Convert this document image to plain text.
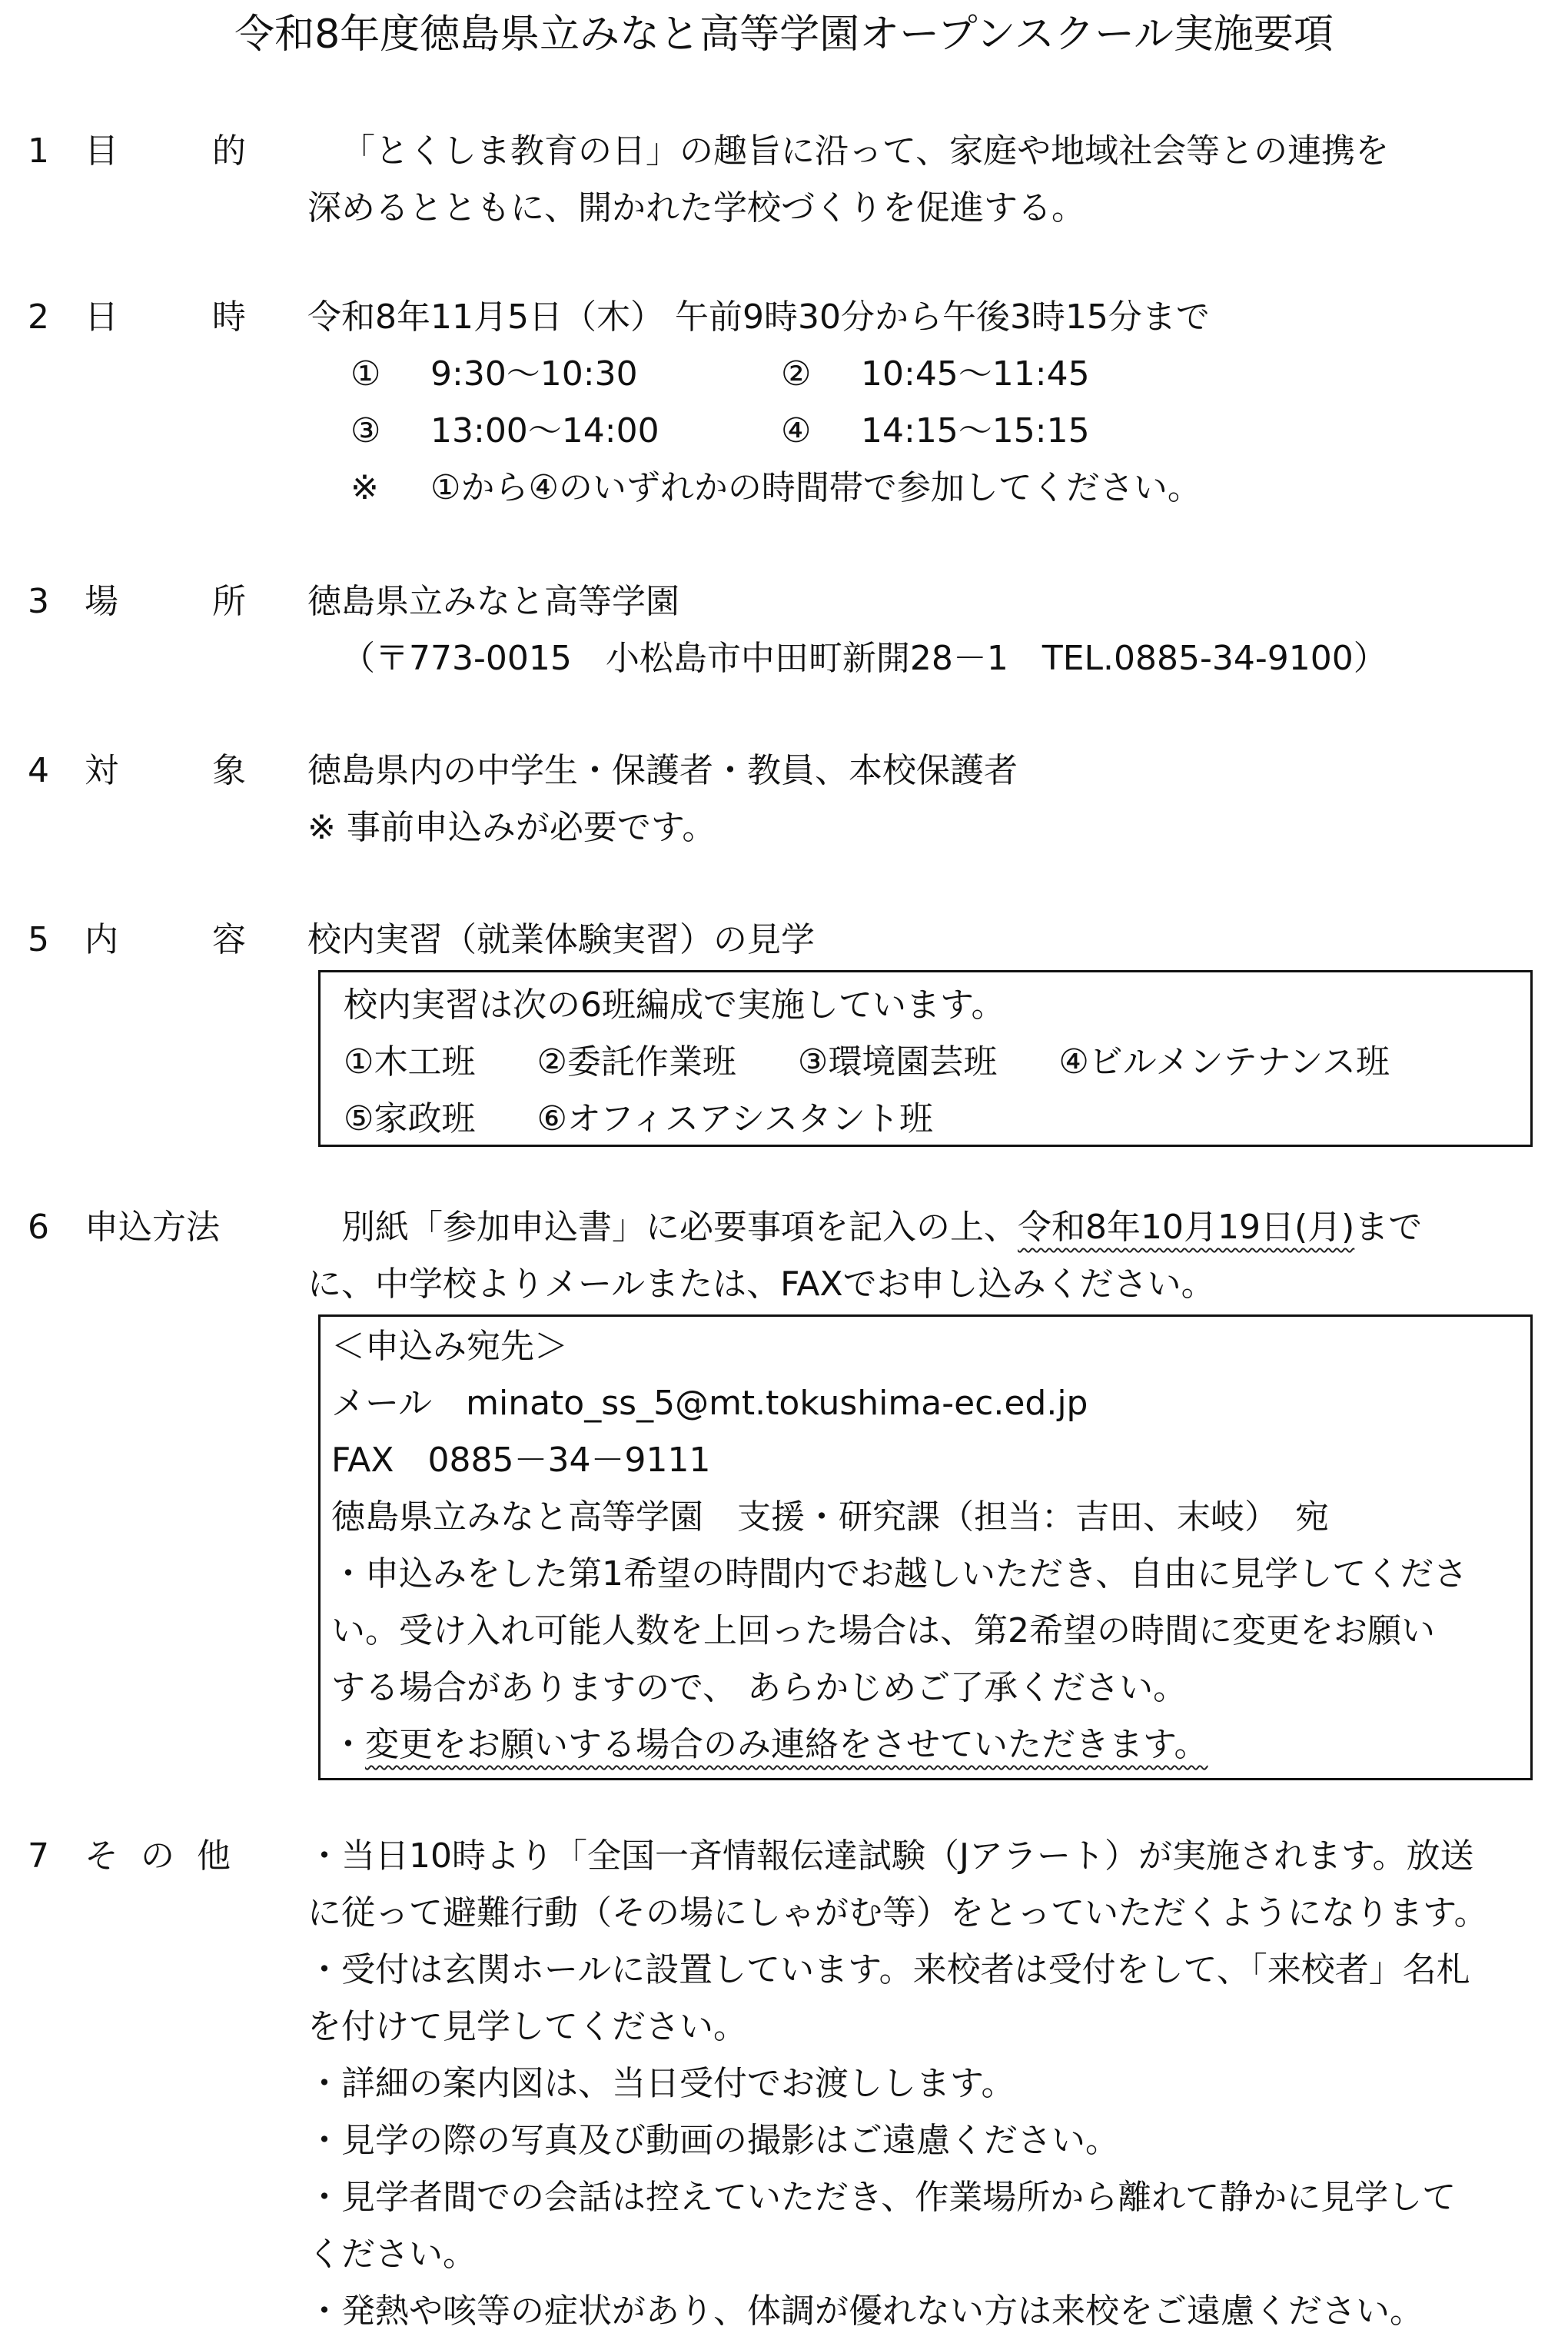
令和8年度徳島県立みなと高等学園オープンスクール実施要項
1 目	的	「とくしま教育の日」の趣旨に沿って、家庭や地域社会等との連携を
深めるとともに、開かれた学校づくりを促進する。
2 日	時 令和8年11月5日（木） 午前9時30分から午後3時15分まで
① 9:30～10:30	② 10:45～11:45
③ 13:00～14:00	④ 14:15～15:15
※ ①から④のいずれかの時間帯で参加してください。
3 場	所 徳島県立みなと高等学園
（〒773-0015　小松島市中田町新開28－1　TEL.0885-34-9100）
4 対	象 徳島県内の中学生・保護者・教員、本校保護者
※ 事前申込みが必要です。
5 内	容 校内実習（就業体験実習）の見学
校内実習は次の6班編成で実施しています。
①木工班 ②委託作業班 ③環境園芸班 ④ビルメンテナンス班
⑤家政班 ⑥オフィスアシスタント班
6 申込方法	別紙「参加申込書」に必要事項を記入の上、令和8年10月19日(月)まで
に、中学校よりメールまたは、FAXでお申し込みください。
＜申込み宛先＞
メール　minato_ss_5@mt.tokushima-ec.ed.jp
FAX　0885－34－9111
徳島県立みなと高等学園　支援・研究課（担当：吉田、末岐）　宛
・申込みをした第1希望の時間内でお越しいただき、自由に見学してくださ
い。受け入れ可能人数を上回った場合は、第2希望の時間に変更をお願い
する場合がありますので、 あらかじめご了承ください。
・変更をお願いする場合のみ連絡をさせていただきます。
7 そ の 他 ・当日10時より「全国一斉情報伝達試験（Jアラート）が実施されます。放送
に従って避難行動（その場にしゃがむ等）をとっていただくようになります。
・受付は玄関ホールに設置しています。来校者は受付をして、「来校者」名札
を付けて見学してください。
・詳細の案内図は、当日受付でお渡しします。
・見学の際の写真及び動画の撮影はご遠慮ください。
・見学者間での会話は控えていただき、作業場所から離れて静かに見学して
ください。
・発熱や咳等の症状があり、体調が優れない方は来校をご遠慮ください。
